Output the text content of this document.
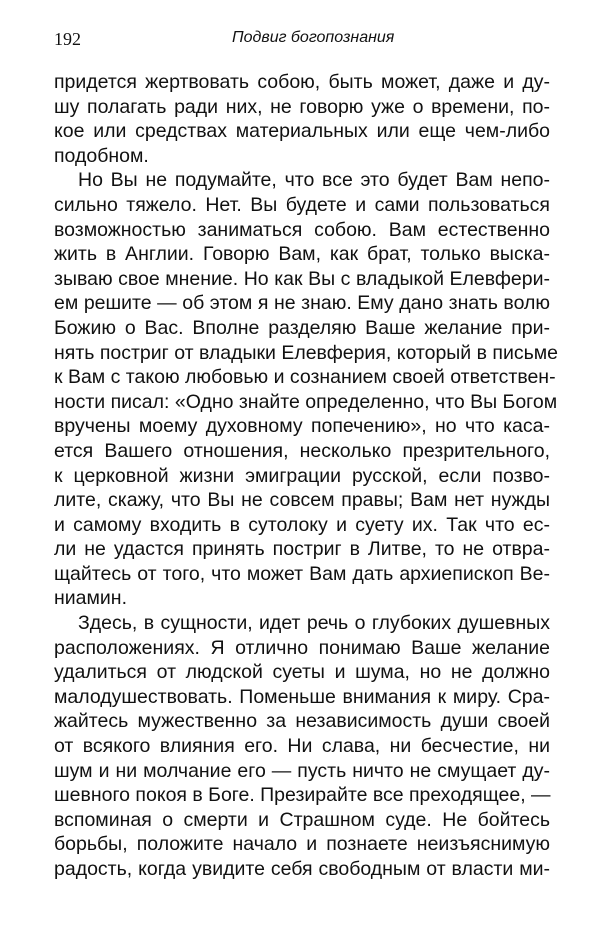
192	Подвиг богопознания
придется жертвовать собою, быть может, даже и ду-
шу полагать ради них, не говорю уже о времени, по-
кое или средствах материальных или еще чем-либо
подобном.
Но Вы не подумайте, что все это будет Вам непо-
сильно тяжело. Нет. Вы будете и сами пользоваться
возможностью заниматься собою. Вам естественно
жить в Англии. Говорю Вам, как брат, только выска-
зываю свое мнение. Но как Вы с владыкой Елевфери-
ем решите — об этом я не знаю. Ему дано знать волю
Божию о Вас. Вполне разделяю Ваше желание при-
нять постриг от владыки Елевферия, который в письме
к Вам с такою любовью и сознанием своей ответствен-
ности писал: «Одно знайте определенно, что Вы Богом
вручены моему духовному попечению», но что каса-
ется Вашего отношения, несколько презрительного,
к церковной жизни эмиграции русской, если позво-
лите, скажу, что Вы не совсем правы; Вам нет нужды
и самому входить в сутолоку и суету их. Так что ес-
ли не удастся принять постриг в Литве, то не отвра-
щайтесь от того, что может Вам дать архиепископ Ве-
ниамин.
Здесь, в сущности, идет речь о глубоких душевных
расположениях. Я отлично понимаю Ваше желание
удалиться от людской суеты и шума, но не должно
малодушествовать. Поменьше внимания к миру. Сра-
жайтесь мужественно за независимость души своей
от всякого влияния его. Ни слава, ни бесчестие, ни
шум и ни молчание его — пусть ничто не смущает ду-
шевного покоя в Боге. Презирайте все преходящее, —
вспоминая о смерти и Страшном суде. Не бойтесь
борьбы, положите начало и познаете неизъяснимую
радость, когда увидите себя свободным от власти ми-
